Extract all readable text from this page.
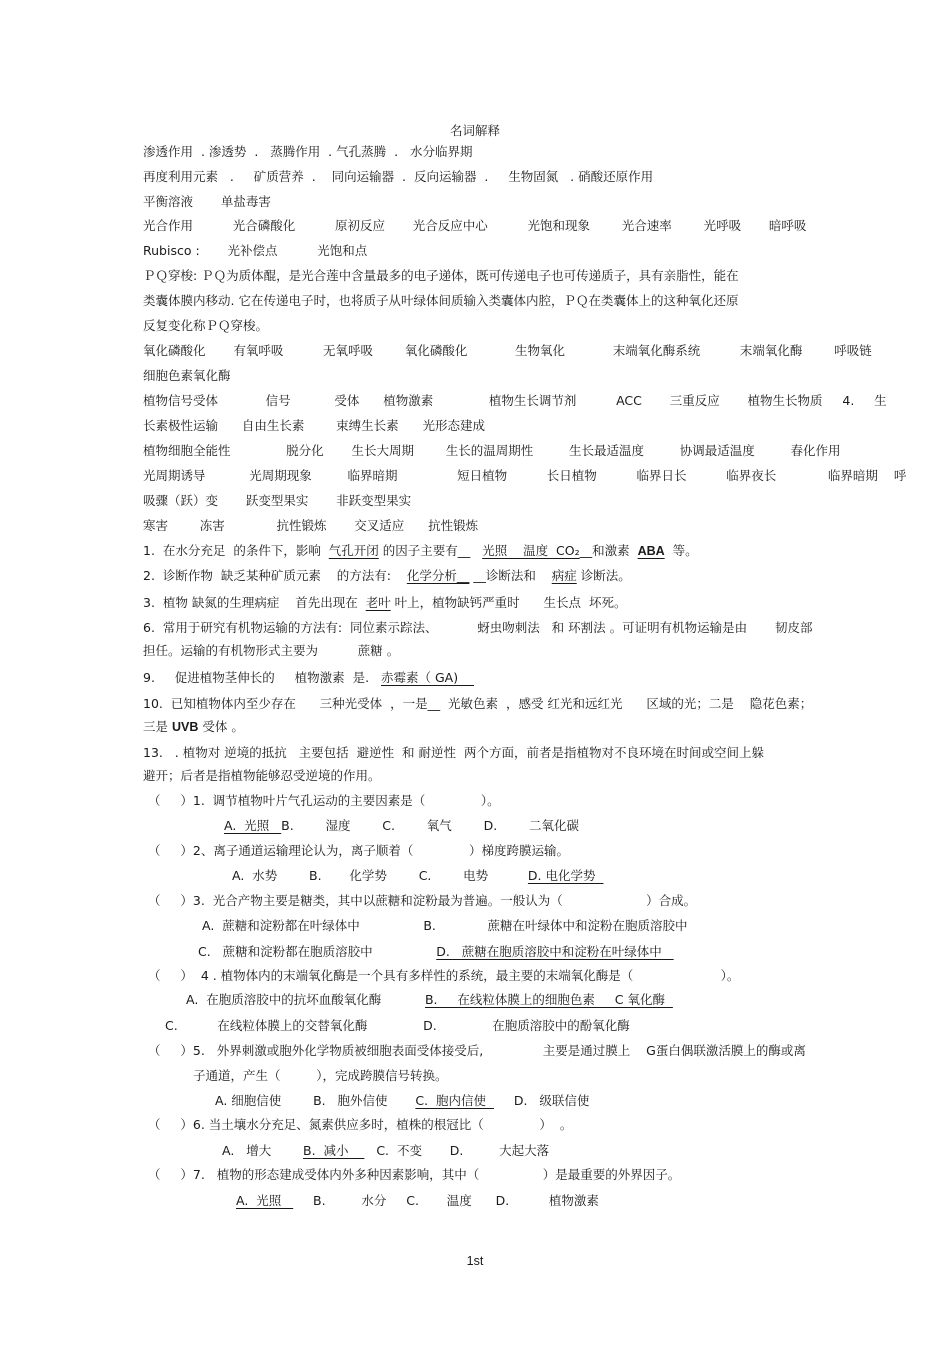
名词解释
渗透作用  . 渗透势  .   蒸腾作用  . 气孔蒸腾  .   水分临界期
再度利用元素   .     矿质营养  .    同向运输器  .  反向运输器  .     生物固氮   . 硝酸还原作用
平衡溶液       单盐毒害
光合作用          光合磷酸化          原初反应       光合反应中心          光饱和现象        光合速率        光呼吸       暗呼吸
Rubisco :       光补偿点          光饱和点
ＰＱ穿梭: ＰＱ为质体醌，是光合莲中含量最多的电子递体，既可传递电子也可传递质子，具有亲脂性，能在
类囊体膜内移动. 它在传递电子时，也将质子从叶绿体间质输入类囊体内腔，ＰＱ在类囊体上的这种氧化还原
反复变化称ＰＱ穿梭。
氧化磷酸化       有氧呼吸          无氧呼吸        氧化磷酸化            生物氧化            末端氧化酶系统          末端氧化酶        呼吸链
细胞色素氧化酶
植物信号受体            信号           受体      植物激素              植物生长调节剂          ACC       三重反应       植物生长物质     4.     生
长素极性运输      自由生长素        束缚生长素      光形态建成
植物细胞全能性              脱分化       生长大周期        生长的温周期性         生长最适温度         协调最适温度         春化作用
光周期诱导           光周期现象         临界暗期               短日植物          长日植物          临界日长          临界夜长             临界暗期    呼
吸骤（跃）变       跃变型果实       非跃变型果实
寒害        冻害             抗性锻炼       交叉适应      抗性锻炼
1.  在水分充足  的条件下，影响  气孔开闭 的因子主要有__   光照    温度  CO₂__和激素  ABA  等。
2.  诊断作物  缺乏某种矿质元素    的方法有:    化学分析__ __诊断法和    病症 诊断法。
3.  植物 缺氮的生理病症    首先出现在  老叶 叶上，植物缺钙严重时      生长点  坏死。
6.  常用于研究有机物运输的方法有:  同位素示踪法、          蚜虫吻刺法   和 环割法 。可证明有机物运输是由       韧皮部
担任。运输的有机物形式主要为          蔗糖 。
9.     促进植物茎伸长的     植物激素  是.   赤霉素（ GA)
10.  已知植物体内至少存在      三种光受体  ，一是__  光敏色素  ，感受 红光和远红光      区域的光；二是    隐花色素；
三是 UVB 受体 。
13.   . 植物对 逆境的抵抗   主要包括  避逆性  和 耐逆性  两个方面，前者是指植物对不良环境在时间或空间上躲
避开；后者是指植物能够忍受逆境的作用。
（     ）1.  调节植物叶片气孔运动的主要因素是（              ）。
A.  光照   B.        湿度        C.        氧气        D.        二氧化碳
（     ）2、离子通道运输理论认为，离子顺着（              ）梯度跨膜运输。
A.  水势        B.       化学势        C.        电势          D. 电化学势
（     ）3.  光合产物主要是糖类，其中以蔗糖和淀粉最为普遍。一般认为（                     ）合成。
A.  蔗糖和淀粉都在叶绿体中                B.             蔗糖在叶绿体中和淀粉在胞质溶胶中
C.   蔗糖和淀粉都在胞质溶胶中                D.   蔗糖在胞质溶胶中和淀粉在叶绿体中
（     ）  4 . 植物体内的末端氧化酶是一个具有多样性的系统，最主要的末端氧化酶是（                      ）。
A.  在胞质溶胶中的抗坏血酸氧化酶           B.     在线粒体膜上的细胞色素     C 氧化酶
C.          在线粒体膜上的交替氧化酶              D.              在胞质溶胶中的酚氧化酶
（     ）5.   外界刺激或胞外化学物质被细胞表面受体接受后,               主要是通过膜上    G蛋白偶联激活膜上的酶或离
子通道，产生（         ），完成跨膜信号转换。
A. 细胞信使        B.   胞外信使       C.  胞内信使       D.   级联信使
（     ）6. 当土壤水分充足、氮素供应多时，植株的根冠比（              ）  。
A.   增大        B.  减小       C.  不变       D.         大起大落
（     ）7.   植物的形态建成受体内外多种因素影响，其中（                ）是最重要的外界因子。
A.  光照        B.         水分     C.       温度      D.          植物激素
1st
